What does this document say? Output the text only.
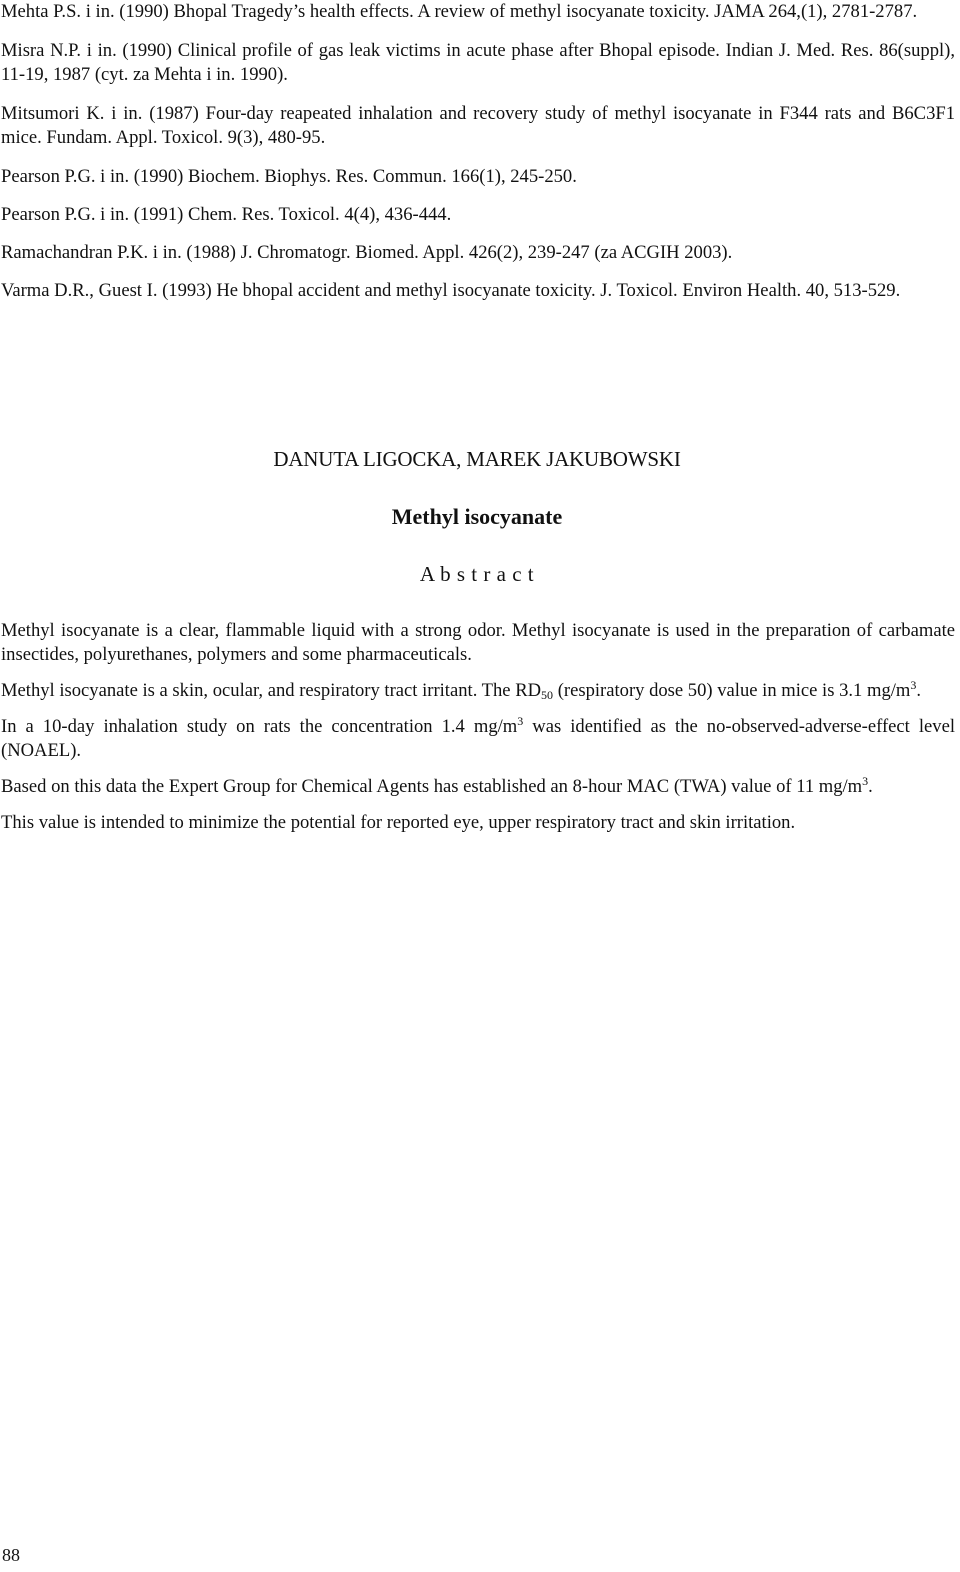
Mehta P.S. i in. (1990) Bhopal Tragedy’s health effects. A review of methyl isocyanate toxicity. JAMA 264,(1), 2781-2787.

Misra N.P. i in. (1990) Clinical profile of gas leak victims in acute phase after Bhopal episode. Indian J. Med. Res. 86(suppl), 11-19, 1987 (cyt. za Mehta i in. 1990).

Mitsumori K. i in. (1987) Four-day reapeated inhalation and recovery study of methyl isocyanate in F344 rats and B6C3F1 mice. Fundam. Appl. Toxicol. 9(3), 480-95.

Pearson P.G. i in. (1990) Biochem. Biophys. Res. Commun. 166(1), 245-250.

Pearson P.G. i in. (1991) Chem. Res. Toxicol. 4(4), 436-444.

Ramachandran P.K. i in. (1988) J. Chromatogr. Biomed. Appl. 426(2), 239-247 (za ACGIH 2003).

Varma D.R., Guest I. (1993) He bhopal accident and methyl isocyanate toxicity. J. Toxicol. Environ Health. 40, 513-529.

DANUTA LIGOCKA, MAREK JAKUBOWSKI
Methyl isocyanate
A b s t r a c t

Methyl isocyanate is a clear, flammable liquid with a strong odor. Methyl isocyanate is used in the preparation of carbamate insectides, polyurethanes, polymers and some pharmaceuticals.

Methyl isocyanate is a skin, ocular, and respiratory tract irritant. The $RD_{50}$ (respiratory dose 50) value in mice is 3.1 $mg/m^3$.

In a 10-day inhalation study on rats the concentration 1.4 $mg/m^3$ was identified as the no-observed-adverse-effect level (NOAEL).

Based on this data the Expert Group for Chemical Agents has established an 8-hour MAC (TWA) value of 11 $mg/m^3$.

This value is intended to minimize the potential for reported eye, upper respiratory tract and skin irritation.

88
